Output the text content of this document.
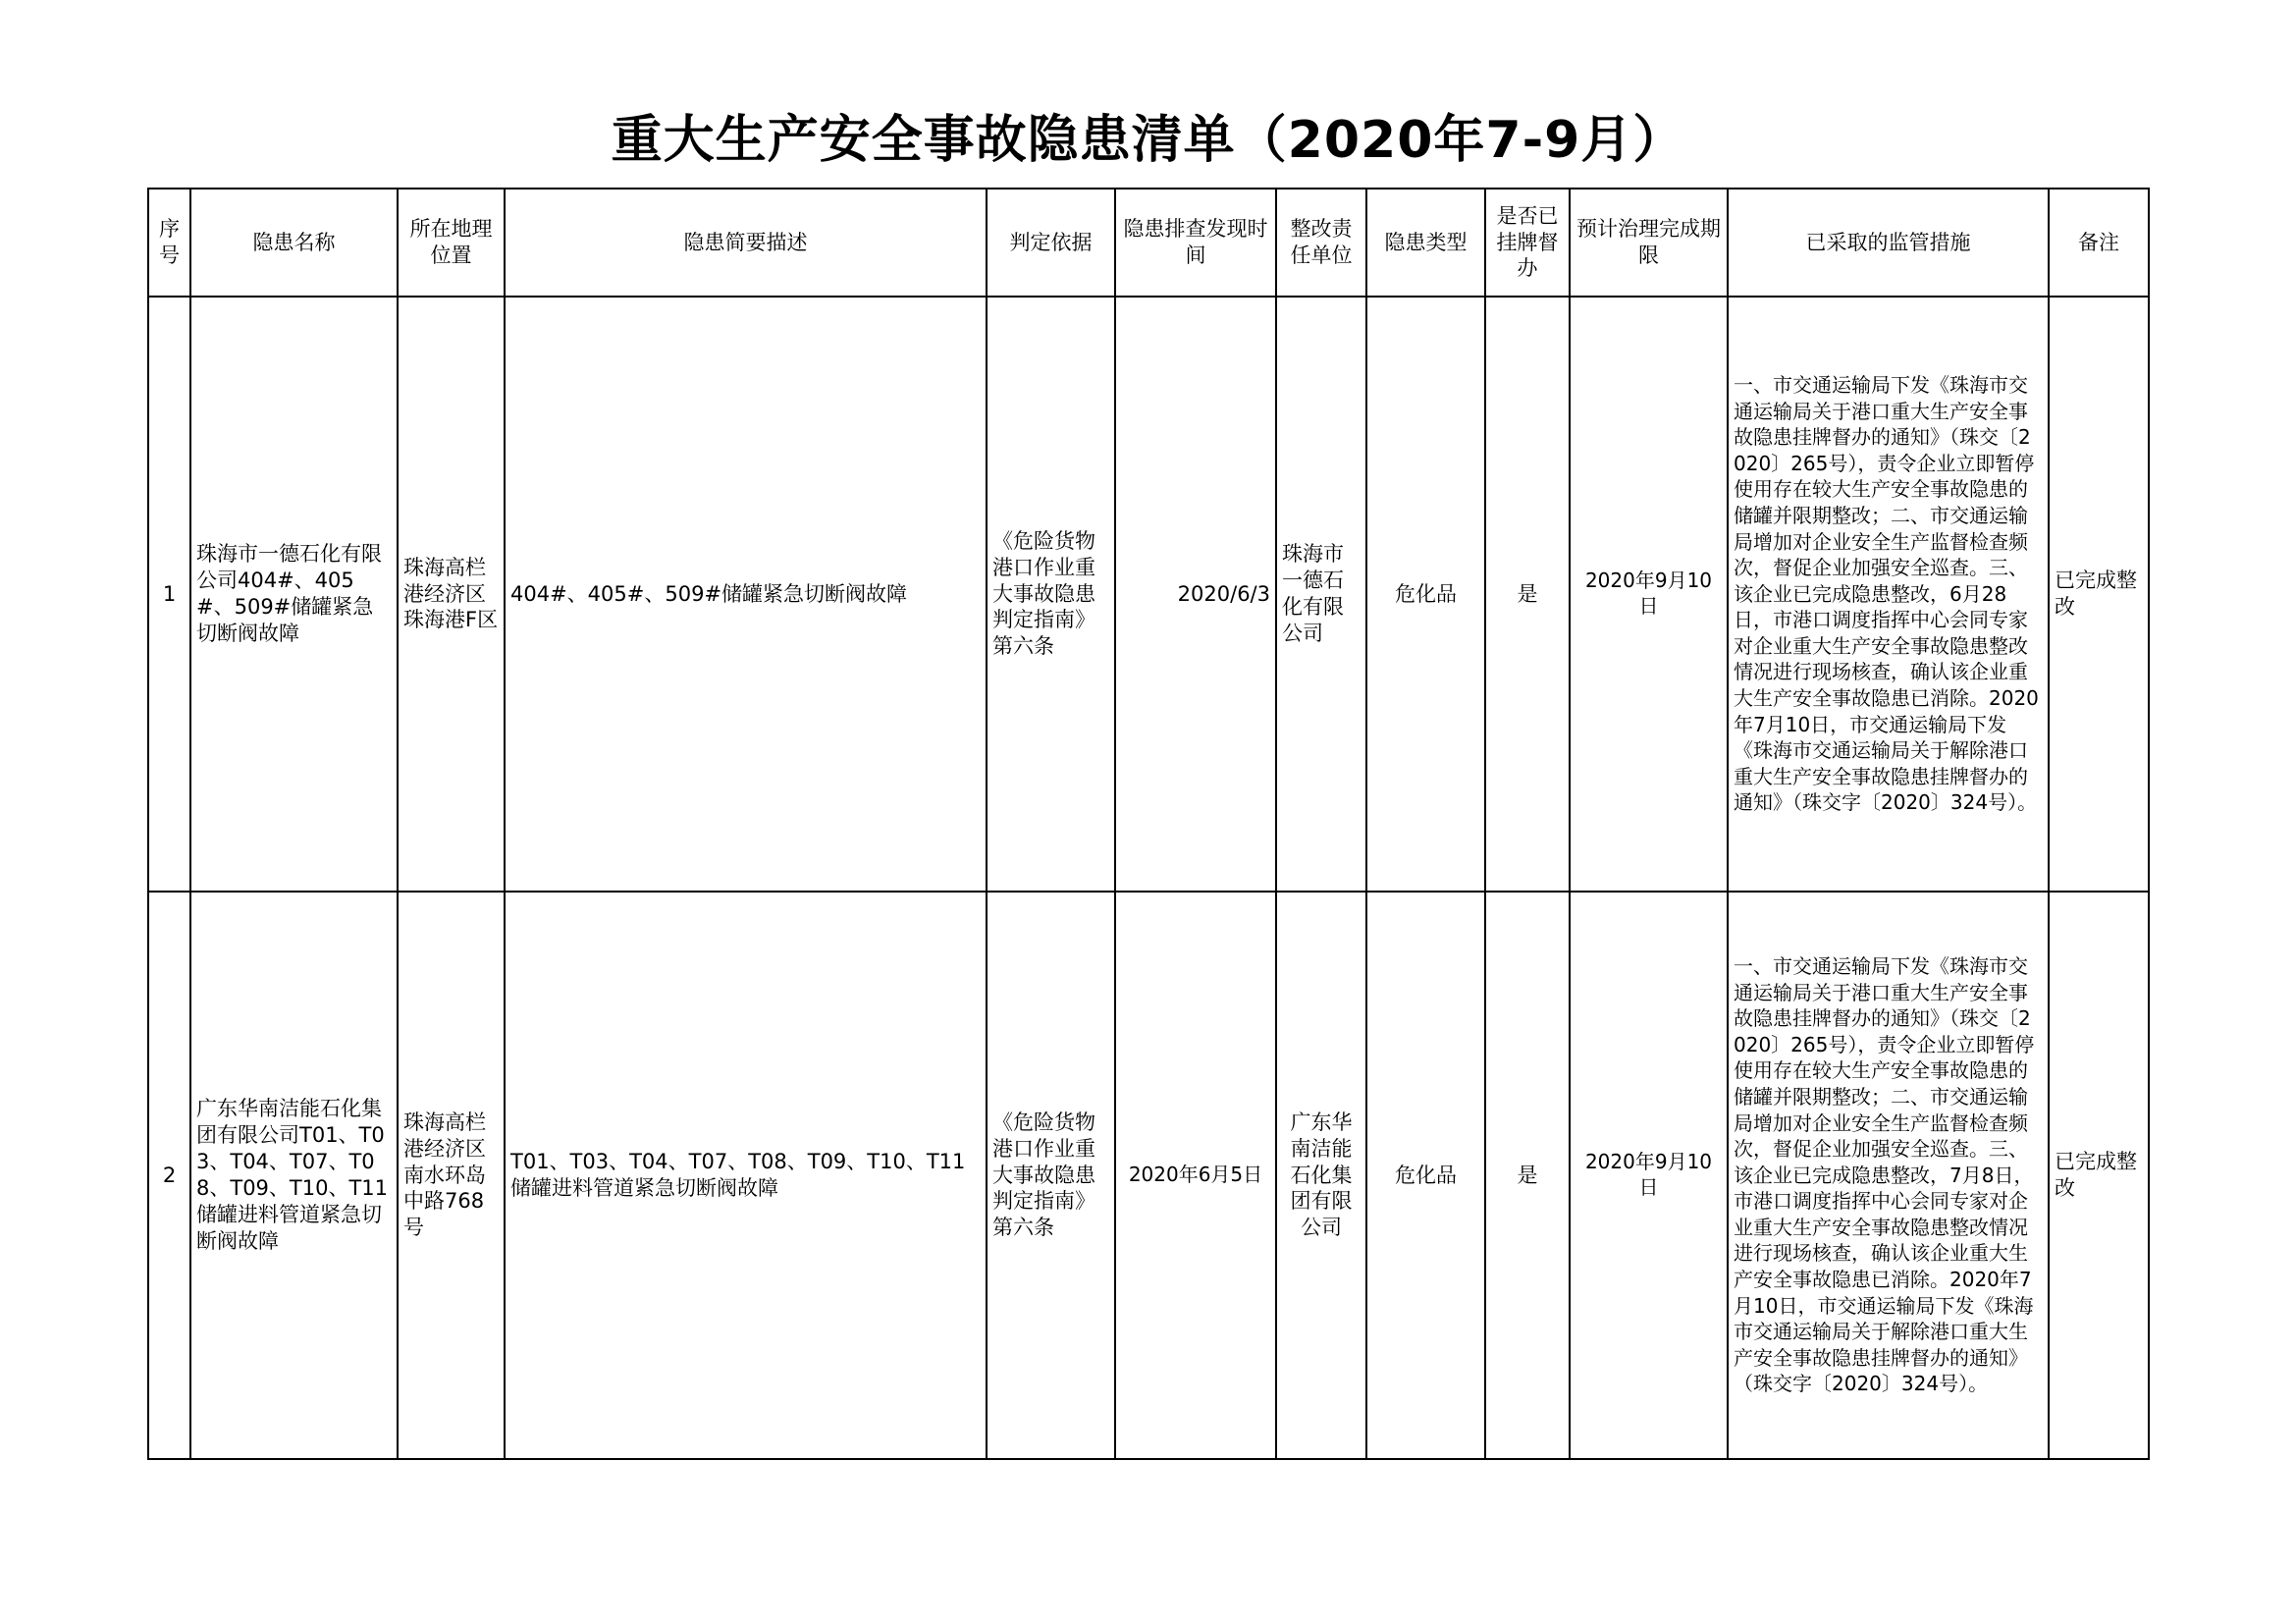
重大生产安全事故隐患清单（2020年7-9月）
序号	隐患名称	所在地理位置	隐患简要描述	判定依据	隐患排查发现时间	整改责任单位	隐患类型	是否已挂牌督办	预计治理完成期限	已采取的监管措施	备注
1	珠海市一德石化有限公司404#、405#、509#储罐紧急切断阀故障	珠海高栏港经济区珠海港F区	404#、405#、509#储罐紧急切断阀故障	《危险货物港口作业重大事故隐患判定指南》第六条	2020/6/3	珠海市一德石化有限公司	危化品	是	2020年9月10日	一、市交通运输局下发《珠海市交通运输局关于港口重大生产安全事故隐患挂牌督办的通知》（珠交〔2020〕265号），责令企业立即暂停使用存在较大生产安全事故隐患的储罐并限期整改；二、市交通运输局增加对企业安全生产监督检查频次，督促企业加强安全巡查。三、该企业已完成隐患整改，6月28日，市港口调度指挥中心会同专家对企业重大生产安全事故隐患整改情况进行现场核查，确认该企业重大生产安全事故隐患已消除。2020年7月10日，市交通运输局下发《珠海市交通运输局关于解除港口重大生产安全事故隐患挂牌督办的通知》（珠交字〔2020〕324号）。	已完成整改
2	广东华南洁能石化集团有限公司T01、T03、T04、T07、T08、T09、T10、T11储罐进料管道紧急切断阀故障	珠海高栏港经济区南水环岛中路768号	T01、T03、T04、T07、T08、T09、T10、T11储罐进料管道紧急切断阀故障	《危险货物港口作业重大事故隐患判定指南》第六条	2020年6月5日	广东华南洁能石化集团有限公司	危化品	是	2020年9月10日	一、市交通运输局下发《珠海市交通运输局关于港口重大生产安全事故隐患挂牌督办的通知》（珠交〔2020〕265号），责令企业立即暂停使用存在较大生产安全事故隐患的储罐并限期整改；二、市交通运输局增加对企业安全生产监督检查频次，督促企业加强安全巡查。三、该企业已完成隐患整改，7月8日，市港口调度指挥中心会同专家对企业重大生产安全事故隐患整改情况进行现场核查，确认该企业重大生产安全事故隐患已消除。2020年7月10日，市交通运输局下发《珠海市交通运输局关于解除港口重大生产安全事故隐患挂牌督办的通知》（珠交字〔2020〕324号）。	已完成整改
